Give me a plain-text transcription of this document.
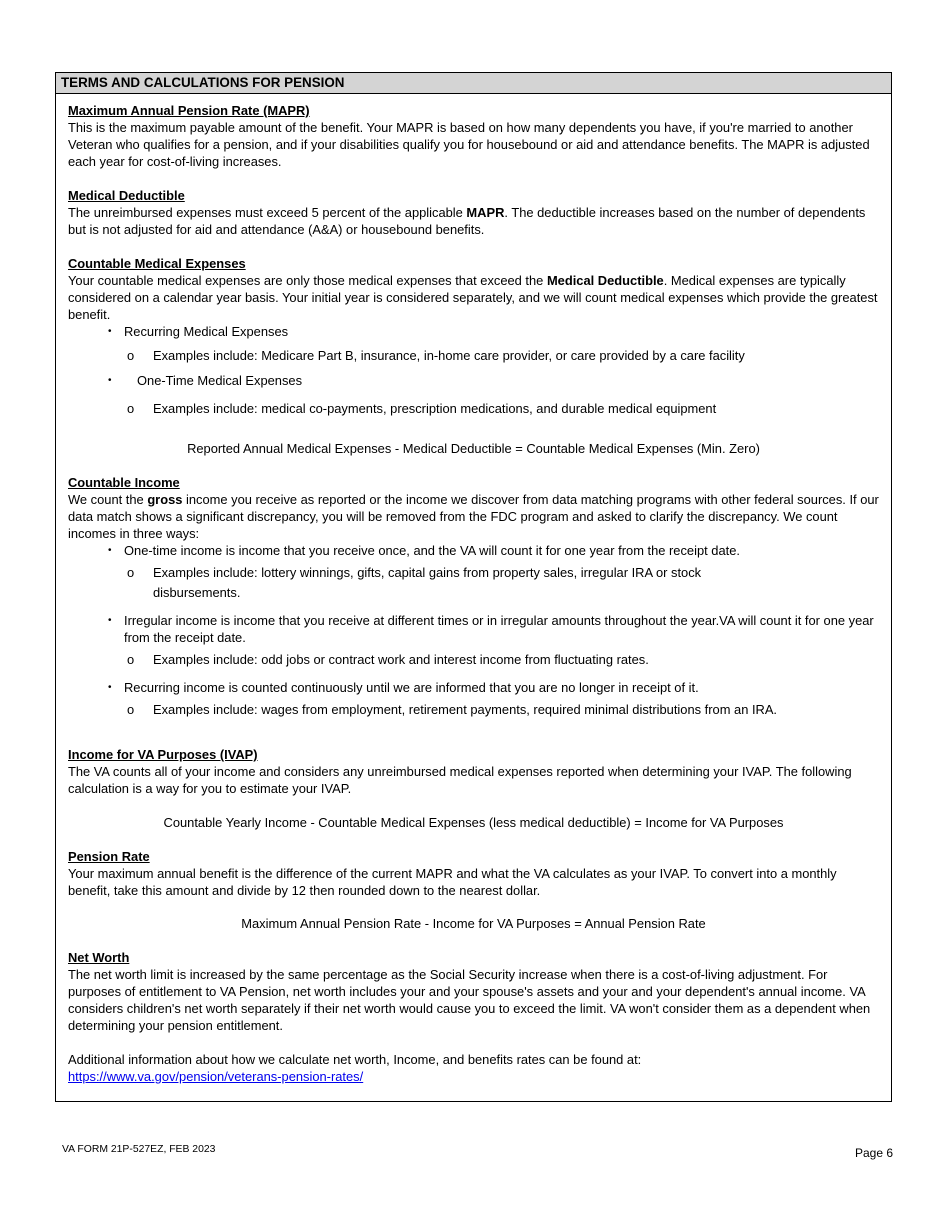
TERMS AND CALCULATIONS FOR PENSION
Maximum Annual Pension Rate (MAPR)

This is the maximum payable amount of the benefit. Your MAPR is based on how many dependents you have, if you're married to another Veteran who qualifies for a pension, and if your disabilities qualify you for housebound or aid and attendance benefits. The MAPR is adjusted each year for cost-of-living increases.

Medical Deductible

The unreimbursed expenses must exceed 5 percent of the applicable MAPR. The deductible increases based on the number of dependents but is not adjusted for aid and attendance (A&A) or housebound benefits.

Countable Medical Expenses

Your countable medical expenses are only those medical expenses that exceed the Medical Deductible. Medical expenses are typically considered on a calendar year basis. Your initial year is considered separately, and we will count medical expenses which provide the greatest benefit.

• Recurring Medical Expenses
o Examples include: Medicare Part B, insurance, in-home care provider, or care provided by a care facility
• One-Time Medical Expenses
o Examples include: medical co-payments, prescription medications, and durable medical equipment
Reported Annual Medical Expenses - Medical Deductible = Countable Medical Expenses (Min. Zero)
Countable Income

We count the gross income you receive as reported or the income we discover from data matching programs with other federal sources. If our data match shows a significant discrepancy, you will be removed from the FDC program and asked to clarify the discrepancy. We count incomes in three ways:

• One-time income is income that you receive once, and the VA will count it for one year from the receipt date.
o Examples include: lottery winnings, gifts, capital gains from property sales, irregular IRA or stock disbursements.
• Irregular income is income that you receive at different times or in irregular amounts throughout the year.VA will count it for one year from the receipt date.
o Examples include: odd jobs or contract work and interest income from fluctuating rates.
• Recurring income is counted continuously until we are informed that you are no longer in receipt of it.
o Examples include: wages from employment, retirement payments, required minimal distributions from an IRA.
Income for VA Purposes (IVAP)

The VA counts all of your income and considers any unreimbursed medical expenses reported when determining your IVAP. The following calculation is a way for you to estimate your IVAP.

Countable Yearly Income - Countable Medical Expenses (less medical deductible) = Income for VA Purposes
Pension Rate

Your maximum annual benefit is the difference of the current MAPR and what the VA calculates as your IVAP. To convert into a monthly benefit, take this amount and divide by 12 then rounded down to the nearest dollar.

Maximum Annual Pension Rate - Income for VA Purposes = Annual Pension Rate
Net Worth

The net worth limit is increased by the same percentage as the Social Security increase when there is a cost-of-living adjustment. For purposes of entitlement to VA Pension, net worth includes your and your spouse's assets and your and your dependent's annual income. VA considers children's net worth separately if their net worth would cause you to exceed the limit. VA won't consider them as a dependent when determining your pension entitlement.

Additional information about how we calculate net worth, Income, and benefits rates can be found at:

https://www.va.gov/pension/veterans-pension-rates/
VA FORM 21P-527EZ, FEB 2023	Page 6
